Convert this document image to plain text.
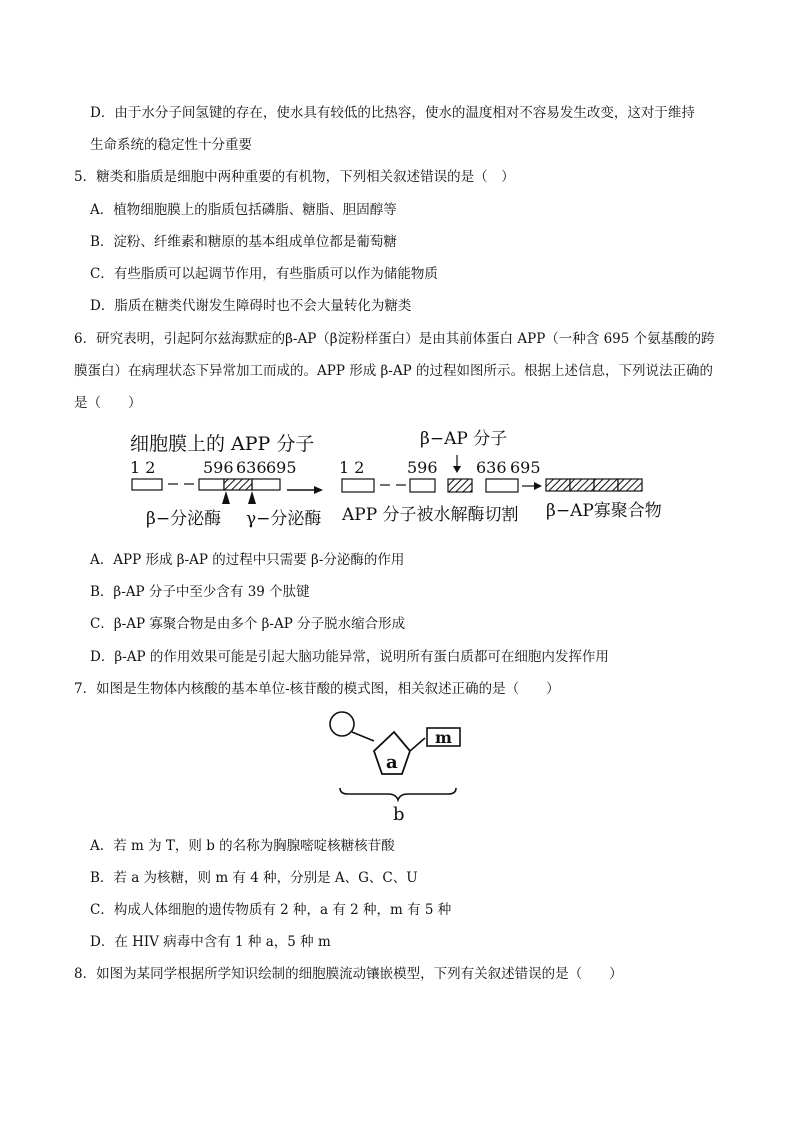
D．由于水分子间氢键的存在，使水具有较低的比热容，使水的温度相对不容易发生改变，这对于维持
生命系统的稳定性十分重要
5．糖类和脂质是细胞中两种重要的有机物，下列相关叙述错误的是（　）
A．植物细胞膜上的脂质包括磷脂、糖脂、胆固醇等
B．淀粉、纤维素和糖原的基本组成单位都是葡萄糖
C．有些脂质可以起调节作用，有些脂质可以作为储能物质
D．脂质在糖类代谢发生障碍时也不会大量转化为糖类
6．研究表明，引起阿尔兹海默症的β-AP（β淀粉样蛋白）是由其前体蛋白 APP（一种含 695 个氨基酸的跨
膜蛋白）在病理状态下异常加工而成的。APP 形成 β-AP 的过程如图所示。根据上述信息，下列说法正确的
是（　　）
细胞膜上的 APP 分子	β−AP 分子
1 2	596 636 695	1 2	596 636 695
β−分泌酶 γ−分泌酶 APP 分子被水解酶切割 β−AP寡聚合物
A．APP 形成 β-AP 的过程中只需要 β-分泌酶的作用
B．β-AP 分子中至少含有 39 个肽键
C．β-AP 寡聚合物是由多个 β-AP 分子脱水缩合形成
D．β-AP 的作用效果可能是引起大脑功能异常，说明所有蛋白质都可在细胞内发挥作用
7．如图是生物体内核酸的基本单位-核苷酸的模式图，相关叙述正确的是（　　）
a
m
b
A．若 m 为 T，则 b 的名称为胸腺嘧啶核糖核苷酸
B．若 a 为核糖，则 m 有 4 种，分别是 A、G、C、U
C．构成人体细胞的遗传物质有 2 种，a 有 2 种，m 有 5 种
D．在 HIV 病毒中含有 1 种 a，5 种 m
8．如图为某同学根据所学知识绘制的细胞膜流动镶嵌模型，下列有关叙述错误的是（　　）
